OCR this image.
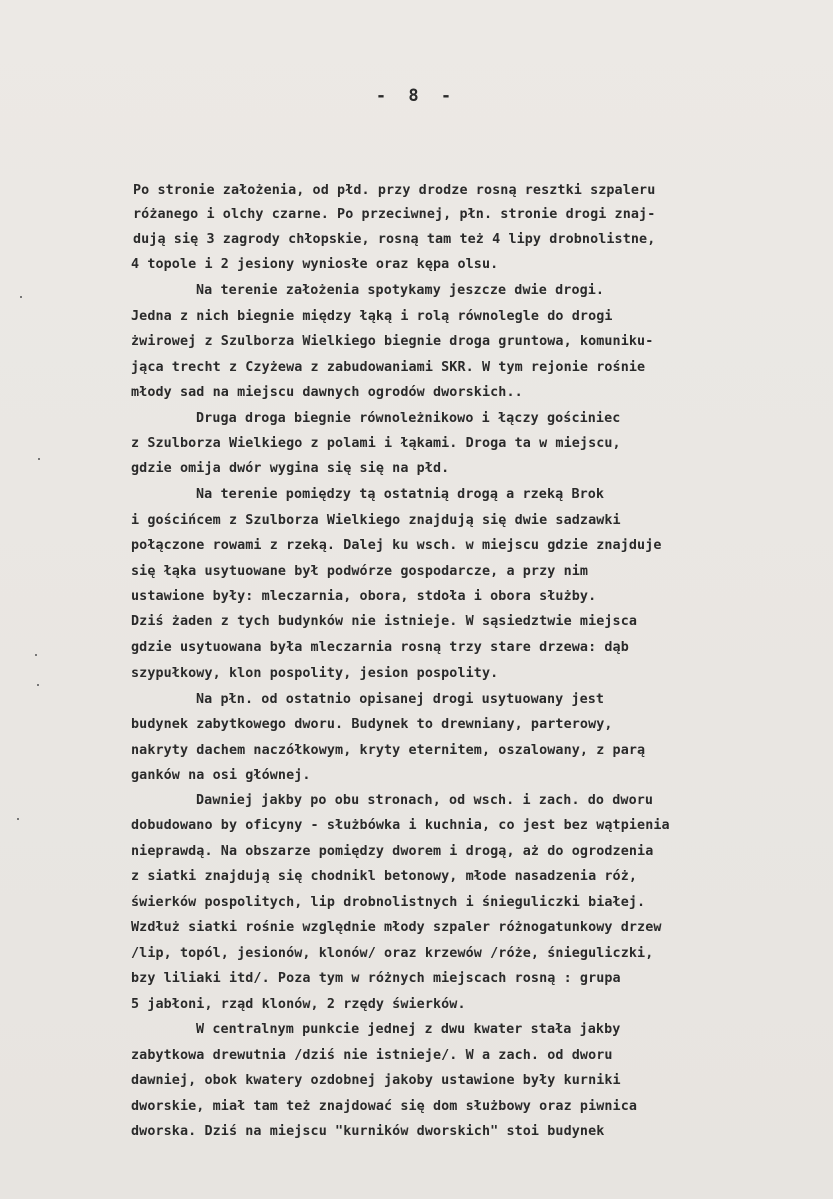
- 8 -
Po stronie założenia, od płd. przy drodze rosną resztki szpaleru
różanego i olchy czarne. Po przeciwnej, płn. stronie drogi znaj-
dują się 3 zagrody chłopskie, rosną tam też 4 lipy drobnolistne,
4 topole i 2 jesiony wyniosłe oraz kępa olsu.
Na terenie założenia spotykamy jeszcze dwie drogi.
Jedna z nich biegnie między łąką i rolą równolegle do drogi
żwirowej z Szulborza Wielkiego biegnie droga gruntowa, komuniku-
jąca trecht z Czyżewa z zabudowaniami SKR. W tym rejonie rośnie
młody sad na miejscu dawnych ogrodów dworskich..
Druga droga biegnie równoleżnikowo i łączy gościniec
z Szulborza Wielkiego z polami i łąkami. Droga ta w miejscu,
gdzie omija dwór wygina się się na płd.
Na terenie pomiędzy tą ostatnią drogą a rzeką Brok
i gościńcem z Szulborza Wielkiego znajdują się dwie sadzawki
połączone rowami z rzeką. Dalej ku wsch. w miejscu gdzie znajduje
się łąka usytuowane był podwórze gospodarcze, a przy nim
ustawione były: mleczarnia, obora, stdoła i obora służby.
Dziś żaden z tych budynków nie istnieje. W sąsiedztwie miejsca
gdzie usytuowana była mleczarnia rosną trzy stare drzewa: dąb
szypułkowy, klon pospolity, jesion pospolity.
Na płn. od ostatnio opisanej drogi usytuowany jest
budynek zabytkowego dworu. Budynek to drewniany, parterowy,
nakryty dachem naczółkowym, kryty eternitem, oszalowany, z parą
ganków na osi głównej.
Dawniej jakby po obu stronach, od wsch. i zach. do dworu
dobudowano by oficyny - służbówka i kuchnia, co jest bez wątpienia
nieprawdą. Na obszarze pomiędzy dworem i drogą, aż do ogrodzenia
z siatki znajdują się chodnikl betonowy, młode nasadzenia róż,
świerków pospolitych, lip drobnolistnych i śnieguliczki białej.
Wzdłuż siatki rośnie względnie młody szpaler różnogatunkowy drzew
/lip, topól, jesionów, klonów/ oraz krzewów /róże, śnieguliczki,
bzy liliaki itd/. Poza tym w różnych miejscach rosną : grupa
5 jabłoni, rząd klonów, 2 rzędy świerków.
W centralnym punkcie jednej z dwu kwater stała jakby
zabytkowa drewutnia /dziś nie istnieje/. W a zach. od dworu
dawniej, obok kwatery ozdobnej jakoby ustawione były kurniki
dworskie, miał tam też znajdować się dom służbowy oraz piwnica
dworska. Dziś na miejscu "kurników dworskich" stoi budynek
